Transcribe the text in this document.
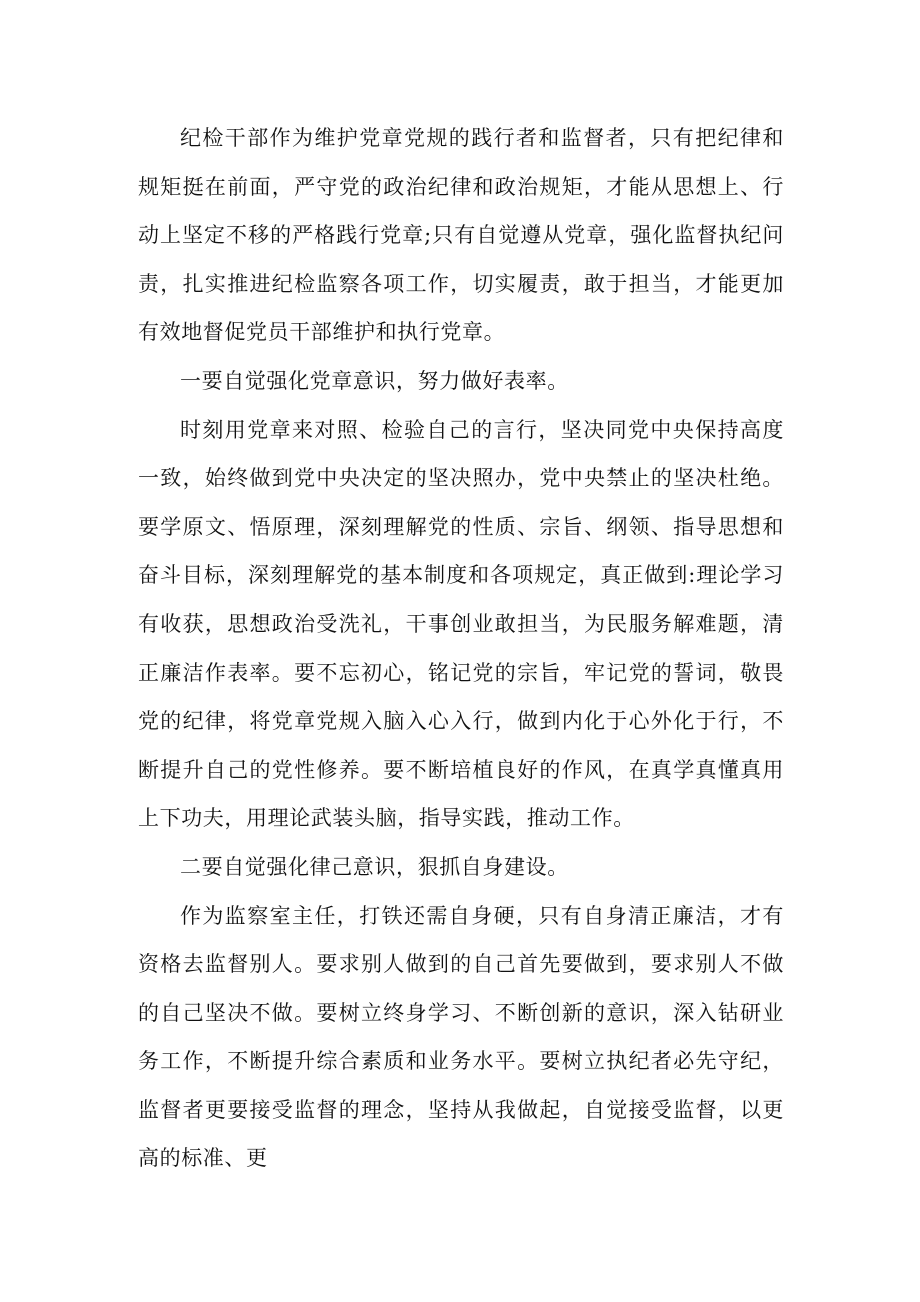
纪检干部作为维护党章党规的践行者和监督者，只有把纪律和规矩挺在前面，严守党的政治纪律和政治规矩，才能从思想上、行动上坚定不移的严格践行党章;只有自觉遵从党章，强化监督执纪问责，扎实推进纪检监察各项工作，切实履责，敢于担当，才能更加有效地督促党员干部维护和执行党章。

一要自觉强化党章意识，努力做好表率。

时刻用党章来对照、检验自己的言行，坚决同党中央保持高度一致，始终做到党中央决定的坚决照办，党中央禁止的坚决杜绝。要学原文、悟原理，深刻理解党的性质、宗旨、纲领、指导思想和奋斗目标，深刻理解党的基本制度和各项规定，真正做到:理论学习有收获，思想政治受洗礼，干事创业敢担当，为民服务解难题，清正廉洁作表率。要不忘初心，铭记党的宗旨，牢记党的誓词，敬畏党的纪律，将党章党规入脑入心入行，做到内化于心外化于行，不断提升自己的党性修养。要不断培植良好的作风，在真学真懂真用上下功夫，用理论武装头脑，指导实践，推动工作。

二要自觉强化律己意识，狠抓自身建设。

作为监察室主任，打铁还需自身硬，只有自身清正廉洁，才有资格去监督别人。要求别人做到的自己首先要做到，要求别人不做的自己坚决不做。要树立终身学习、不断创新的意识，深入钻研业务工作，不断提升综合素质和业务水平。要树立执纪者必先守纪，监督者更要接受监督的理念，坚持从我做起，自觉接受监督，以更高的标准、更
